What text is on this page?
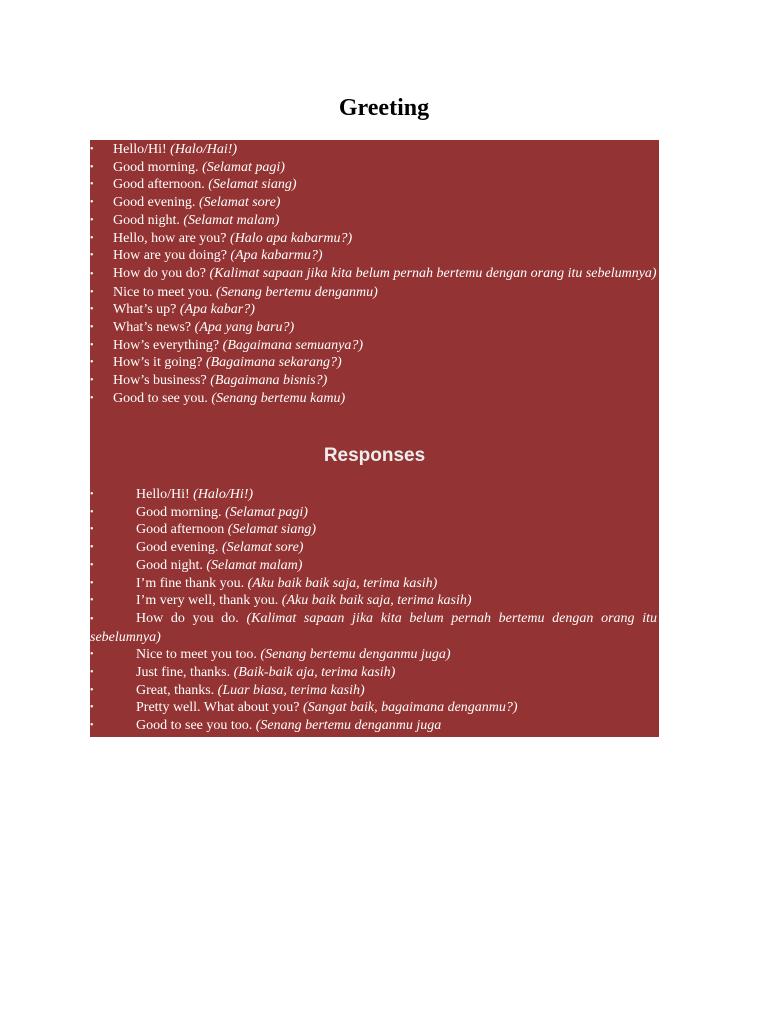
Greeting
•	Hello/Hi! (Halo/Hai!)
•	Good morning. (Selamat pagi)
•	Good afternoon. (Selamat siang)
•	Good evening. (Selamat sore)
•	Good night. (Selamat malam)
•	Hello, how are you? (Halo apa kabarmu?)
•	How are you doing? (Apa kabarmu?)
• How do you do? (Kalimat sapaan jika kita belum pernah bertemu dengan orang itu sebelumnya)
•	Nice to meet you. (Senang bertemu denganmu)
•	What’s up? (Apa kabar?)
•	What’s news? (Apa yang baru?)
•	How’s everything? (Bagaimana semuanya?)
•	How’s it going? (Bagaimana sekarang?)
•	How’s business? (Bagaimana bisnis?)
•	Good to see you. (Senang bertemu kamu)
Responses
•	Hello/Hi! (Halo/Hi!)
•	Good morning. (Selamat pagi)
•	Good afternoon (Selamat siang)
•	Good evening. (Selamat sore)
•	Good night. (Selamat malam)
•	I’m fine thank you. (Aku baik baik saja, terima kasih)
•	I’m very well, thank you. (Aku baik baik saja, terima kasih)
•	How do you do. (Kalimat sapaan jika kita belum pernah bertemu dengan orang itu sebelumnya)
•	Nice to meet you too. (Senang bertemu denganmu juga)
•	Just fine, thanks. (Baik-baik aja, terima kasih)
•	Great, thanks. (Luar biasa, terima kasih)
•	Pretty well. What about you? (Sangat baik, bagaimana denganmu?)
•	Good to see you too. (Senang bertemu denganmu juga
